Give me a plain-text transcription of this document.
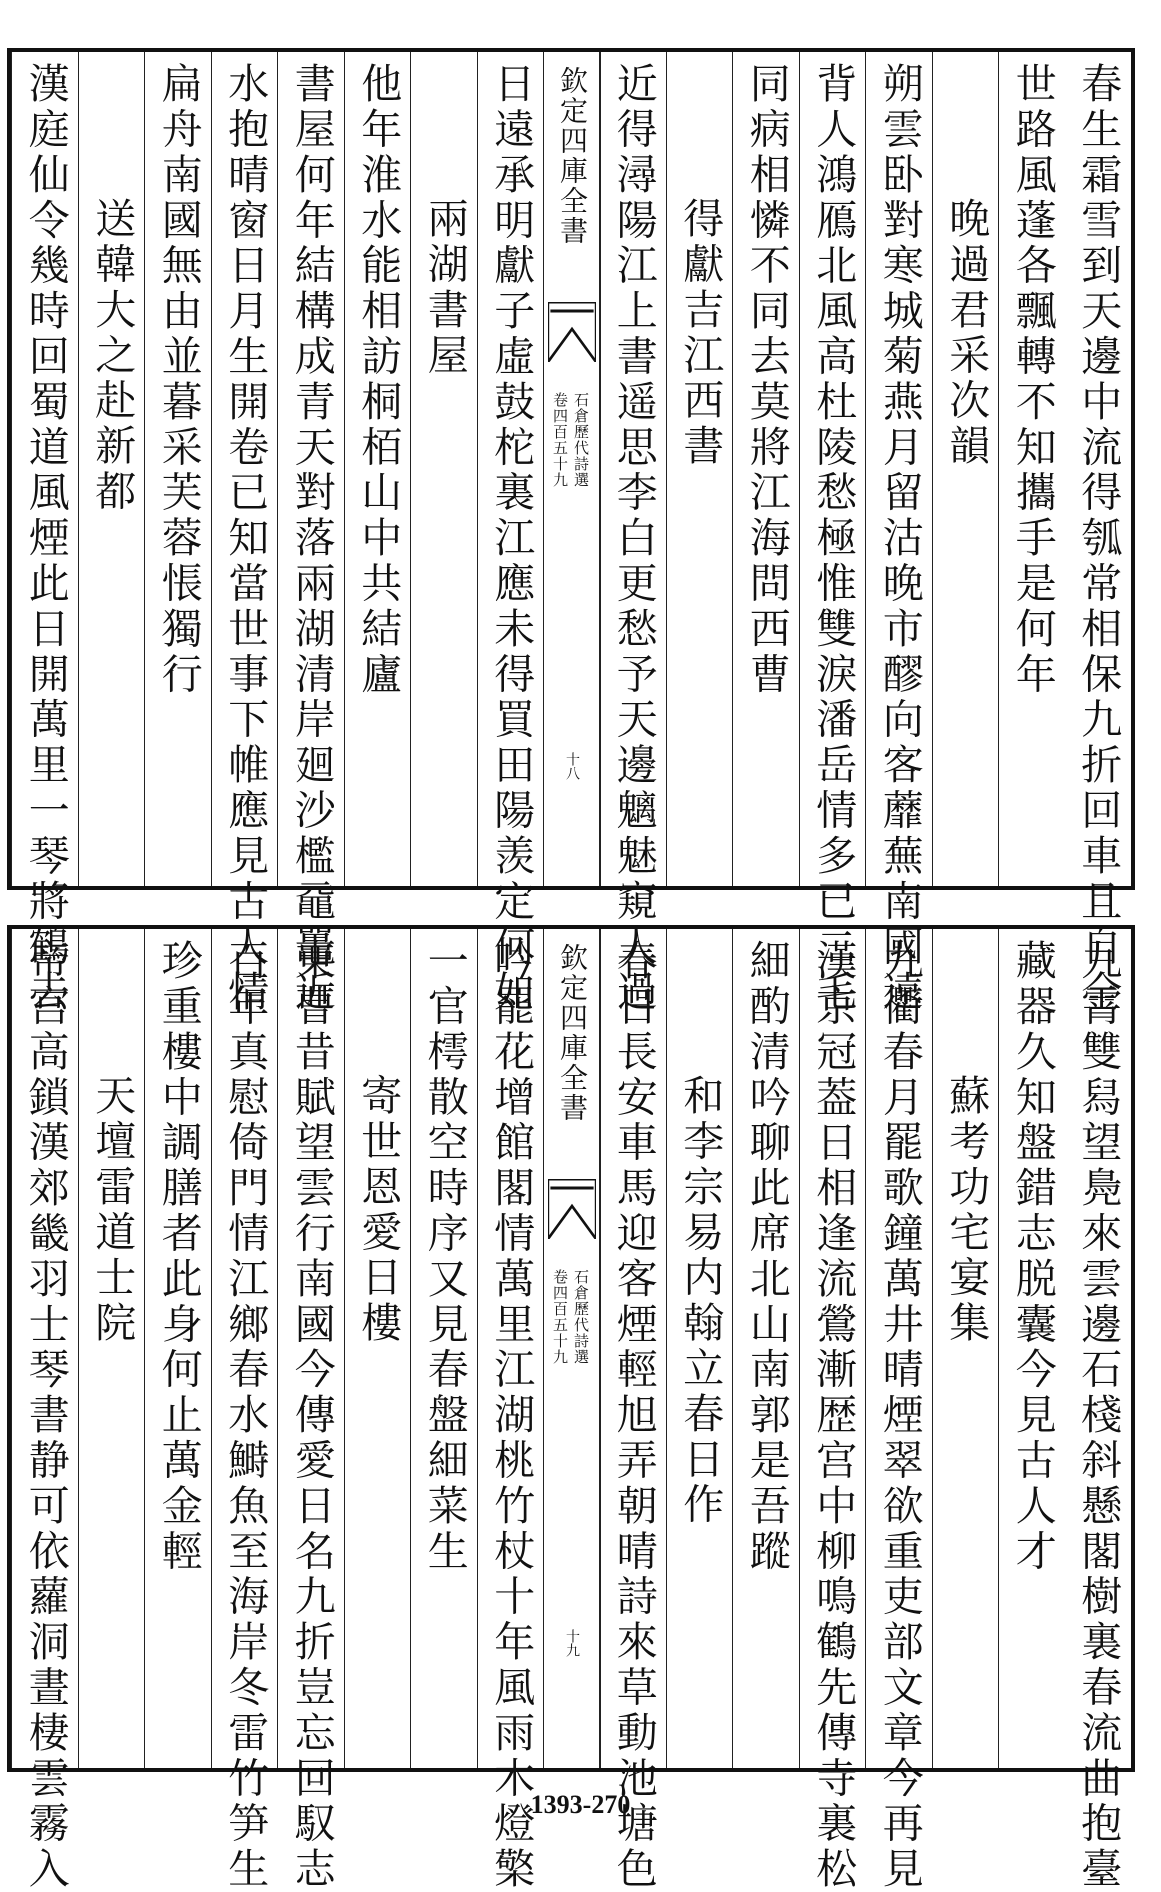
春生霜雪到天邊中流得瓠常相保九折回車且自全
世路風蓬各飄轉不知攜手是何年
晚過君采次韻
朔雲卧對寒城菊燕月留沽晚市醪向客蘼蕪南國遠
背人鴻鴈北風高杜陵愁極惟雙淚潘岳情多已二毛
同病相憐不同去莫將江海問西曹
得獻吉江西書
近得潯陽江上書遥思李白更愁予天邊魑魅窺人過
欽定四庫全書
石倉歷代詩選
卷四百五十九
十八
日遠承明獻子虛鼓柁裏江應未得買田陽羡定何如
兩湖書屋
他年淮水能相訪桐栢山中共結廬
書屋何年結構成青天對落兩湖清岸廻沙檻黿鼉近
水抱晴窗日月生開卷已知當世事下帷應見古人情
扁舟南國無由並暮采芙蓉悵獨行
送韓大之赴新都
漢庭仙令幾時回蜀道風煙此日開萬里一琴將鶴去
九霄雙舄望鳧來雲邊石棧斜懸閣樹裏春流曲抱臺
藏器久知盤錯志脱囊今見古人才
蘇考功宅宴集
九衢春月罷歌鐘萬井晴煙翠欲重吏部文章今再見
漢京冠葢日相逢流鶯漸歴宫中柳鳴鶴先傳寺裏松
細酌清吟聊此席北山南郭是吾蹤
和李宗易内翰立春日作
春日長安車馬迎客煙輕旭弄朝晴詩來草動池塘色
欽定四庫全書
石倉歷代詩選
卷四百五十九
十九
吟罷花增館閣情萬里江湖桃竹杖十年風雨木燈檠
一官樗散空時序又見春盤細菜生
寄世恩愛日樓
東曹昔賦望雲行南國今傳愛日名九折豈忘回馭志
百年真慰倚門情江鄉春水鰣魚至海岸冬雷竹笋生
珍重樓中調膳者此身何止萬金輕
天壇雷道士院
帝宫高鎖漢郊畿羽士琴書静可依蘿洞晝棲雲霧入	1393-270
